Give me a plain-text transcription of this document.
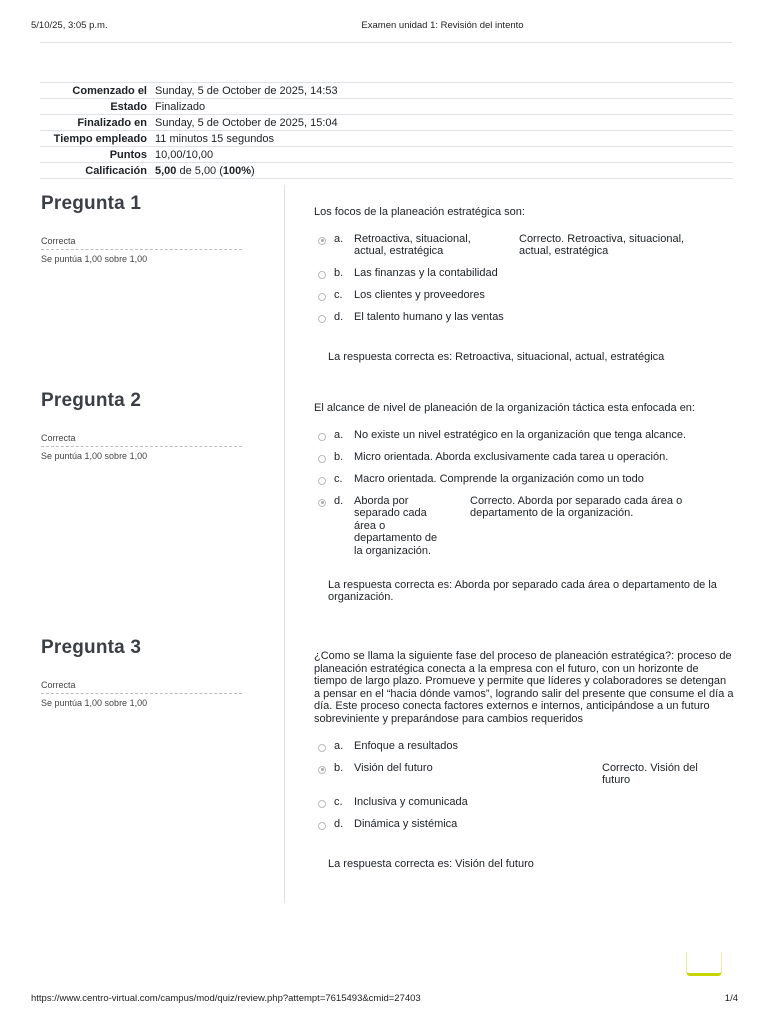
5/10/25, 3:05 p.m.	Examen unidad 1: Revisión del intento
Comenzado el	Sunday, 5 de October de 2025, 14:53
Estado	Finalizado
Finalizado en	Sunday, 5 de October de 2025, 15:04
Tiempo empleado	11 minutos 15 segundos
Puntos	10,00/10,00
Calificación	5,00 de 5,00 (100%)
Pregunta 1
Correcta
Se puntúa 1,00 sobre 1,00
Los focos de la planeación estratégica son:
a. Retroactiva, situacional, actual, estratégica
Correcto. Retroactiva, situacional, actual, estratégica
b. Las finanzas y la contabilidad
c. Los clientes y proveedores
d. El talento humano y las ventas
La respuesta correcta es: Retroactiva, situacional, actual, estratégica
Pregunta 2
Correcta
Se puntúa 1,00 sobre 1,00
El alcance de nivel de planeación de la organización táctica esta enfocada en:
a. No existe un nivel estratégico en la organización que tenga alcance.
b. Micro orientada. Aborda exclusivamente cada tarea u operación.
c. Macro orientada. Comprende la organización como un todo
d. Aborda por separado cada área o departamento de la organización.
Correcto. Aborda por separado cada área o departamento de la organización.
La respuesta correcta es: Aborda por separado cada área o departamento de la organización.
Pregunta 3
Correcta
Se puntúa 1,00 sobre 1,00
¿Como se llama la siguiente fase del proceso de planeación estratégica?: proceso de planeación estratégica conecta a la empresa con el futuro, con un horizonte de tiempo de largo plazo. Promueve y permite que líderes y colaboradores se detengan a pensar en el “hacia dónde vamos”, logrando salir del presente que consume el día a día. Este proceso conecta factores externos e internos, anticipándose a un futuro sobreviniente y preparándose para cambios requeridos
a. Enfoque a resultados
b. Visión del futuro	Correcto. Visión del futuro
c. Inclusiva y comunicada
d. Dinámica y sistémica
La respuesta correcta es: Visión del futuro
https://www.centro-virtual.com/campus/mod/quiz/review.php?attempt=7615493&cmid=27403	1/4
